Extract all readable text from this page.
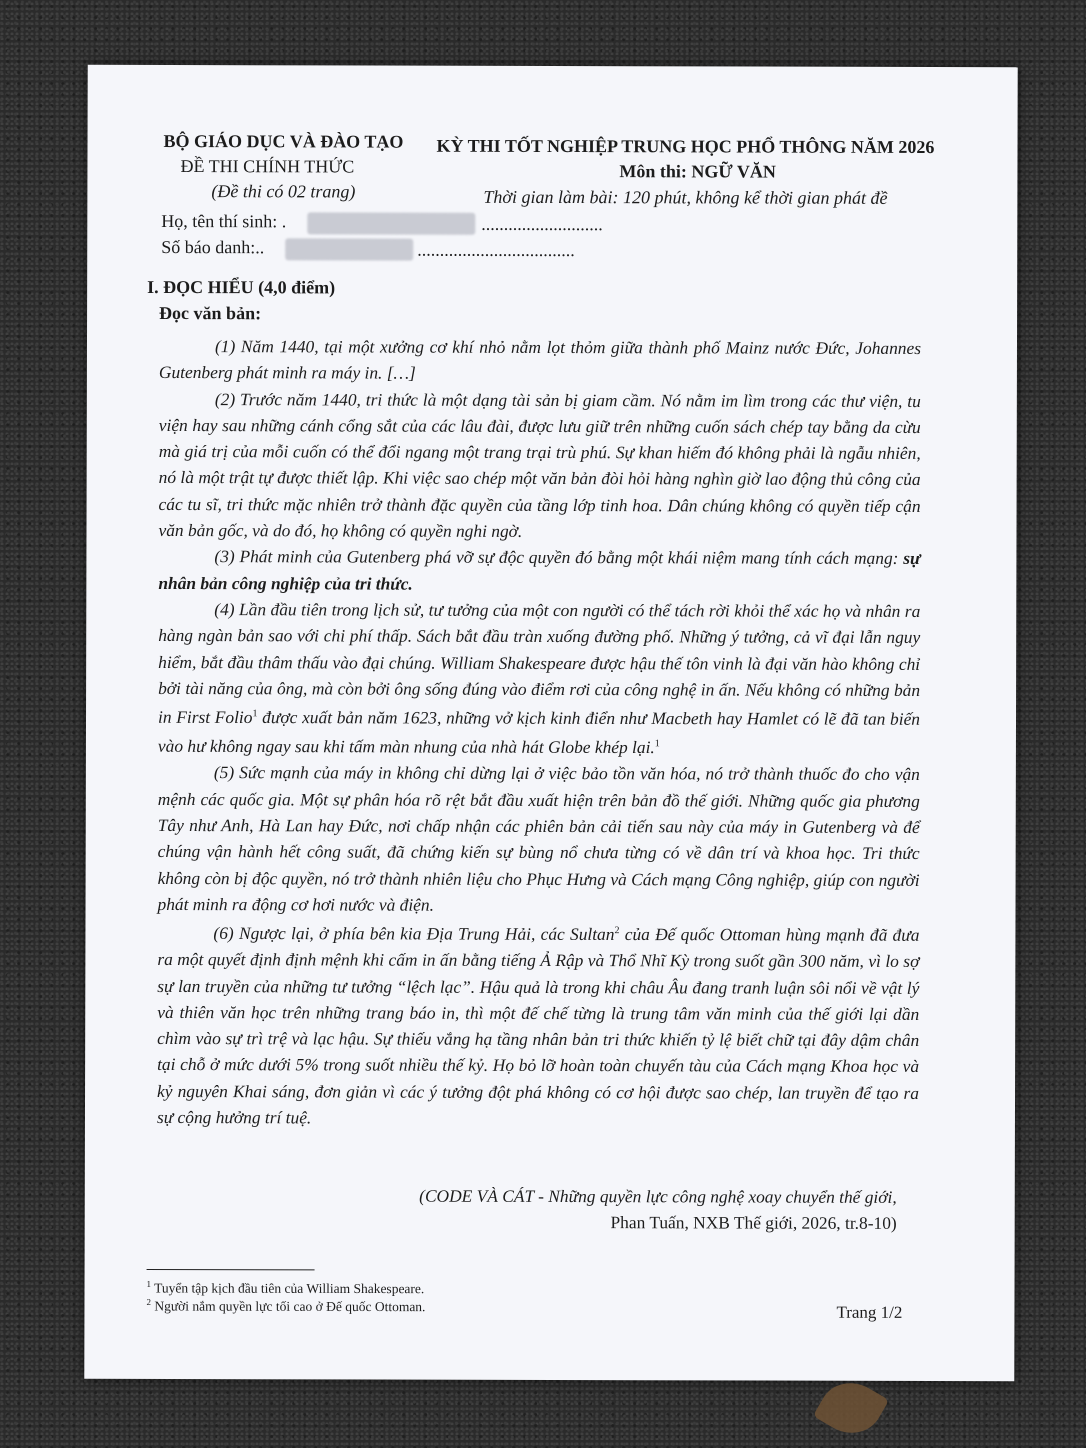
BỘ GIÁO DỤC VÀ ĐÀO TẠO
ĐỀ THI CHÍNH THỨC
(Đề thi có 02 trang)
KỲ THI TỐT NGHIỆP TRUNG HỌC PHỔ THÔNG NĂM 2026
Môn thi: NGỮ VĂN
Thời gian làm bài: 120 phút, không kể thời gian phát đề
Họ, tên thí sinh: .	...........................
Số báo danh:..	...................................
I. ĐỌC HIỂU (4,0 điểm)
Đọc văn bản:

(1) Năm 1440, tại một xưởng cơ khí nhỏ nằm lọt thỏm giữa thành phố Mainz nước Đức, Johannes Gutenberg phát minh ra máy in. […]

(2) Trước năm 1440, tri thức là một dạng tài sản bị giam cầm. Nó nằm im lìm trong các thư viện, tu viện hay sau những cánh cổng sắt của các lâu đài, được lưu giữ trên những cuốn sách chép tay bằng da cừu mà giá trị của mỗi cuốn có thể đổi ngang một trang trại trù phú. Sự khan hiếm đó không phải là ngẫu nhiên, nó là một trật tự được thiết lập. Khi việc sao chép một văn bản đòi hỏi hàng nghìn giờ lao động thủ công của các tu sĩ, tri thức mặc nhiên trở thành đặc quyền của tầng lớp tinh hoa. Dân chúng không có quyền tiếp cận văn bản gốc, và do đó, họ không có quyền nghi ngờ.

(3) Phát minh của Gutenberg phá vỡ sự độc quyền đó bằng một khái niệm mang tính cách mạng: sự nhân bản công nghiệp của tri thức.

(4) Lần đầu tiên trong lịch sử, tư tưởng của một con người có thể tách rời khỏi thể xác họ và nhân ra hàng ngàn bản sao với chi phí thấp. Sách bắt đầu tràn xuống đường phố. Những ý tưởng, cả vĩ đại lẫn nguy hiểm, bắt đầu thâm thấu vào đại chúng. William Shakespeare được hậu thế tôn vinh là đại văn hào không chỉ bởi tài năng của ông, mà còn bởi ông sống đúng vào điểm rơi của công nghệ in ấn. Nếu không có những bản in First Folio$^1$ được xuất bản năm 1623, những vở kịch kinh điển như Macbeth hay Hamlet có lẽ đã tan biến vào hư không ngay sau khi tấm màn nhung của nhà hát Globe khép lại.$^1$

(5) Sức mạnh của máy in không chỉ dừng lại ở việc bảo tồn văn hóa, nó trở thành thuốc đo cho vận mệnh các quốc gia. Một sự phân hóa rõ rệt bắt đầu xuất hiện trên bản đồ thế giới. Những quốc gia phương Tây như Anh, Hà Lan hay Đức, nơi chấp nhận các phiên bản cải tiến sau này của máy in Gutenberg và để chúng vận hành hết công suất, đã chứng kiến sự bùng nổ chưa từng có về dân trí và khoa học. Tri thức không còn bị độc quyền, nó trở thành nhiên liệu cho Phục Hưng và Cách mạng Công nghiệp, giúp con người phát minh ra động cơ hơi nước và điện.

(6) Ngược lại, ở phía bên kia Địa Trung Hải, các Sultan$^2$ của Đế quốc Ottoman hùng mạnh đã đưa ra một quyết định định mệnh khi cấm in ấn bằng tiếng Ả Rập và Thổ Nhĩ Kỳ trong suốt gần 300 năm, vì lo sợ sự lan truyền của những tư tưởng “lệch lạc”. Hậu quả là trong khi châu Âu đang tranh luận sôi nổi về vật lý và thiên văn học trên những trang báo in, thì một đế chế từng là trung tâm văn minh của thế giới lại dần chìm vào sự trì trệ và lạc hậu. Sự thiếu vắng hạ tầng nhân bản tri thức khiến tỷ lệ biết chữ tại đây dậm chân tại chỗ ở mức dưới 5% trong suốt nhiều thế kỷ. Họ bỏ lỡ hoàn toàn chuyến tàu của Cách mạng Khoa học và kỷ nguyên Khai sáng, đơn giản vì các ý tưởng đột phá không có cơ hội được sao chép, lan truyền để tạo ra sự cộng hưởng trí tuệ.

(CODE VÀ CÁT - Những quyền lực công nghệ xoay chuyển thế giới,
Phan Tuấn, NXB Thế giới, 2026, tr.8-10)
$^1$ Tuyển tập kịch đầu tiên của William Shakespeare.
$^2$ Người nắm quyền lực tối cao ở Đế quốc Ottoman.	Trang 1/2
